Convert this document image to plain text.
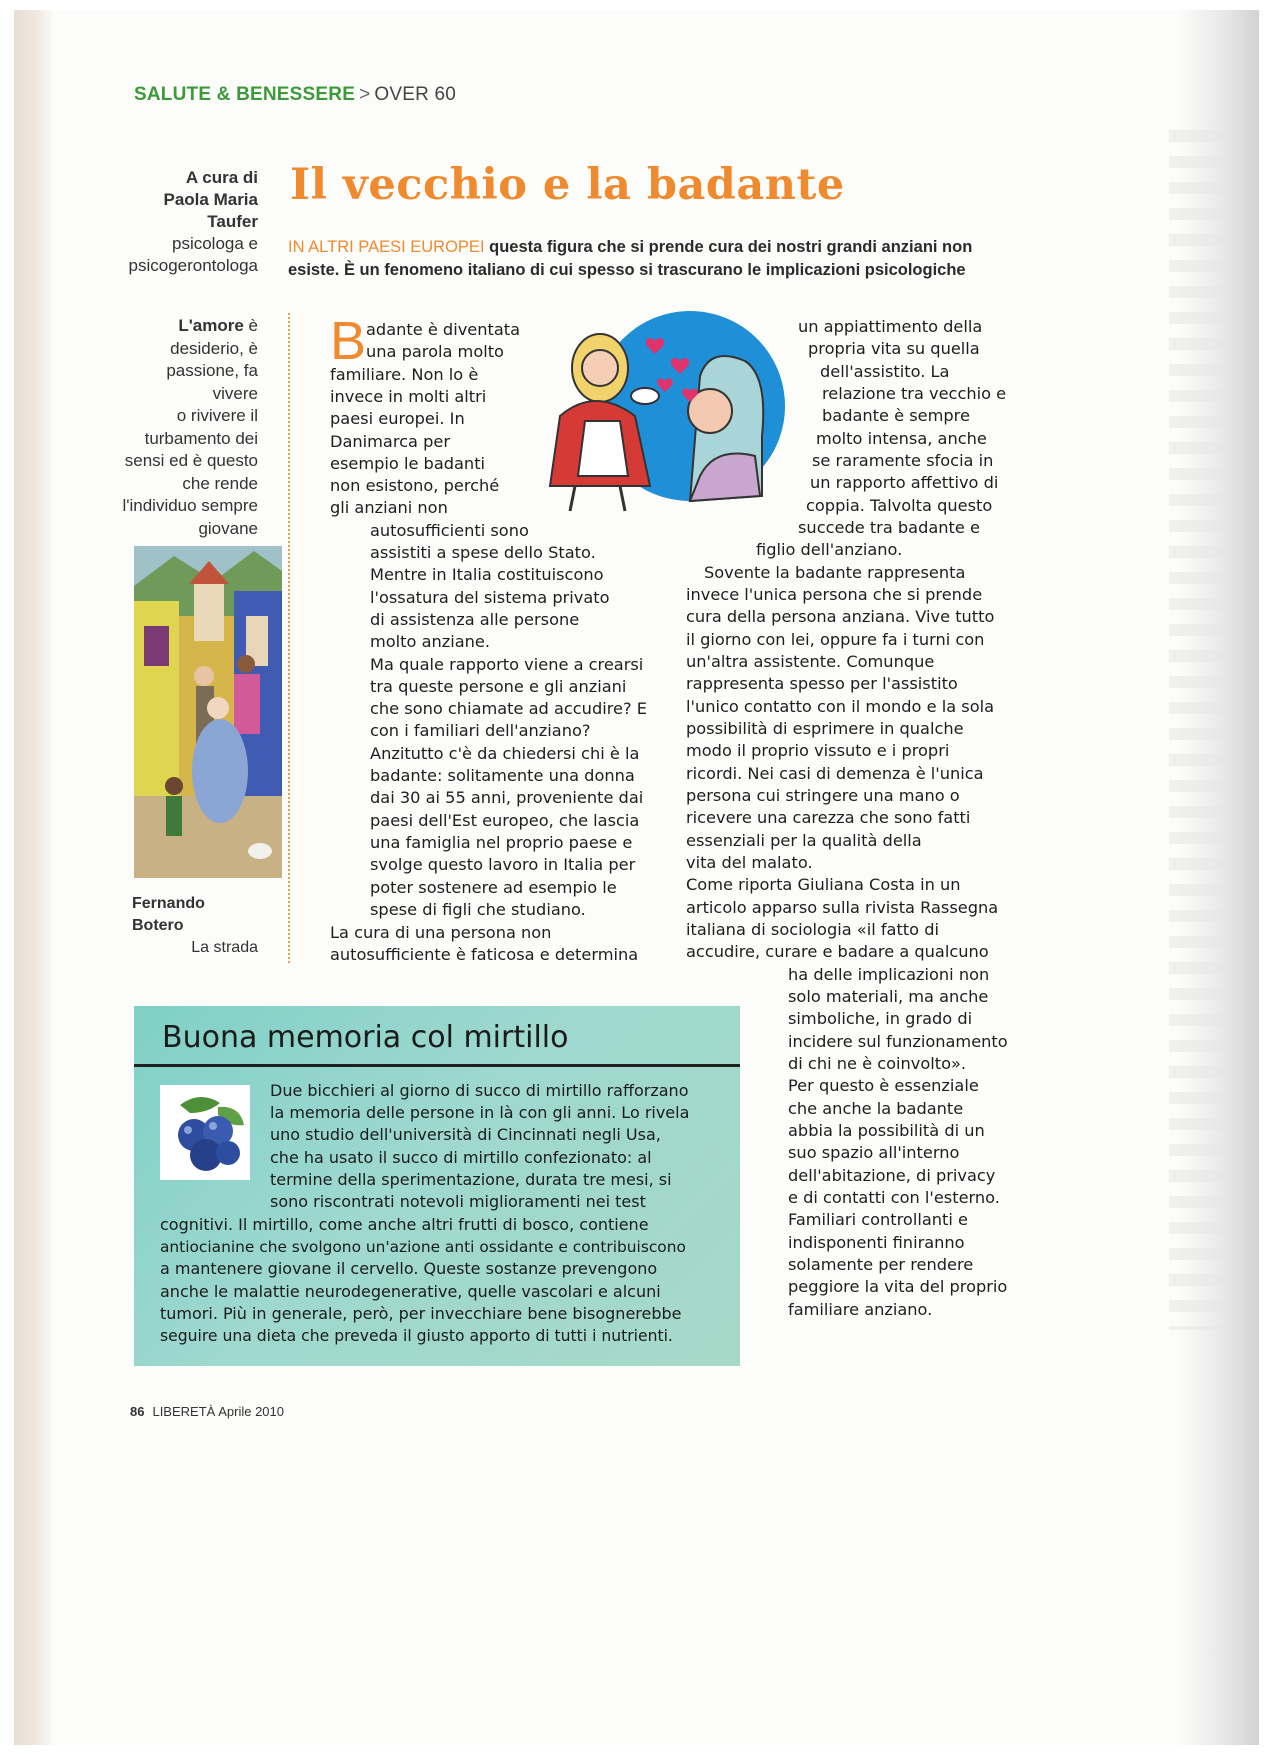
SALUTE & BENESSERE > OVER 60
A cura di
Paola Maria
Taufer
psicologa e
psicogerontologa
Il vecchio e la badante
IN ALTRI PAESI EUROPEI questa figura che si prende cura dei nostri grandi anziani non
esiste. È un fenomeno italiano di cui spesso si trascurano le implicazioni psicologiche
L'amore è
desiderio, è
passione, fa vivere
o rivivere il
turbamento dei
sensi ed è questo
che rende
l'individuo sempre
giovane
Fernando Botero
La strada
B adante è diventata
una parola molto
familiare. Non lo è
invece in molti altri
paesi europei. In
Danimarca per
esempio le badanti
non esistono, perché
gli anziani non
autosufficienti sono
assistiti a spese dello Stato.
Mentre in Italia costituiscono
l'ossatura del sistema privato
di assistenza alle persone
molto anziane.
Ma quale rapporto viene a crearsi
tra queste persone e gli anziani
che sono chiamate ad accudire? E
con i familiari dell'anziano?
Anzitutto c'è da chiedersi chi è la
badante: solitamente una donna
dai 30 ai 55 anni, proveniente dai
paesi dell'Est europeo, che lascia
una famiglia nel proprio paese e
svolge questo lavoro in Italia per
poter sostenere ad esempio le
spese di figli che studiano.
La cura di una persona non
autosufficiente è faticosa e determina
un appiattimento della
propria vita su quella
dell'assistito. La
relazione tra vecchio e
badante è sempre
molto intensa, anche
se raramente sfocia in
un rapporto affettivo di
coppia. Talvolta questo
succede tra badante e
figlio dell'anziano.
Sovente la badante rappresenta
invece l'unica persona che si prende
cura della persona anziana. Vive tutto
il giorno con lei, oppure fa i turni con
un'altra assistente. Comunque
rappresenta spesso per l'assistito
l'unico contatto con il mondo e la sola
possibilità di esprimere in qualche
modo il proprio vissuto e i propri
ricordi. Nei casi di demenza è l'unica
persona cui stringere una mano o
ricevere una carezza che sono fatti
essenziali per la qualità della
vita del malato.
Come riporta Giuliana Costa in un
articolo apparso sulla rivista Rassegna
italiana di sociologia «il fatto di
accudire, curare e badare a qualcuno
ha delle implicazioni non
solo materiali, ma anche
simboliche, in grado di
incidere sul funzionamento
di chi ne è coinvolto».
Per questo è essenziale
che anche la badante
abbia la possibilità di un
suo spazio all'interno
dell'abitazione, di privacy
e di contatti con l'esterno.
Familiari controllanti e
indisponenti finiranno
solamente per rendere
peggiore la vita del proprio
familiare anziano.
Buona memoria col mirtillo
Due bicchieri al giorno di succo di mirtillo rafforzano
la memoria delle persone in là con gli anni. Lo rivela
uno studio dell'università di Cincinnati negli Usa,
che ha usato il succo di mirtillo confezionato: al
termine della sperimentazione, durata tre mesi, si
sono riscontrati notevoli miglioramenti nei test
cognitivi. Il mirtillo, come anche altri frutti di bosco, contiene
antiocianine che svolgono un'azione anti ossidante e contribuiscono
a mantenere giovane il cervello. Queste sostanze prevengono
anche le malattie neurodegenerative, quelle vascolari e alcuni
tumori. Più in generale, però, per invecchiare bene bisognerebbe
seguire una dieta che preveda il giusto apporto di tutti i nutrienti.
86 LIBERETÀ Aprile 2010
